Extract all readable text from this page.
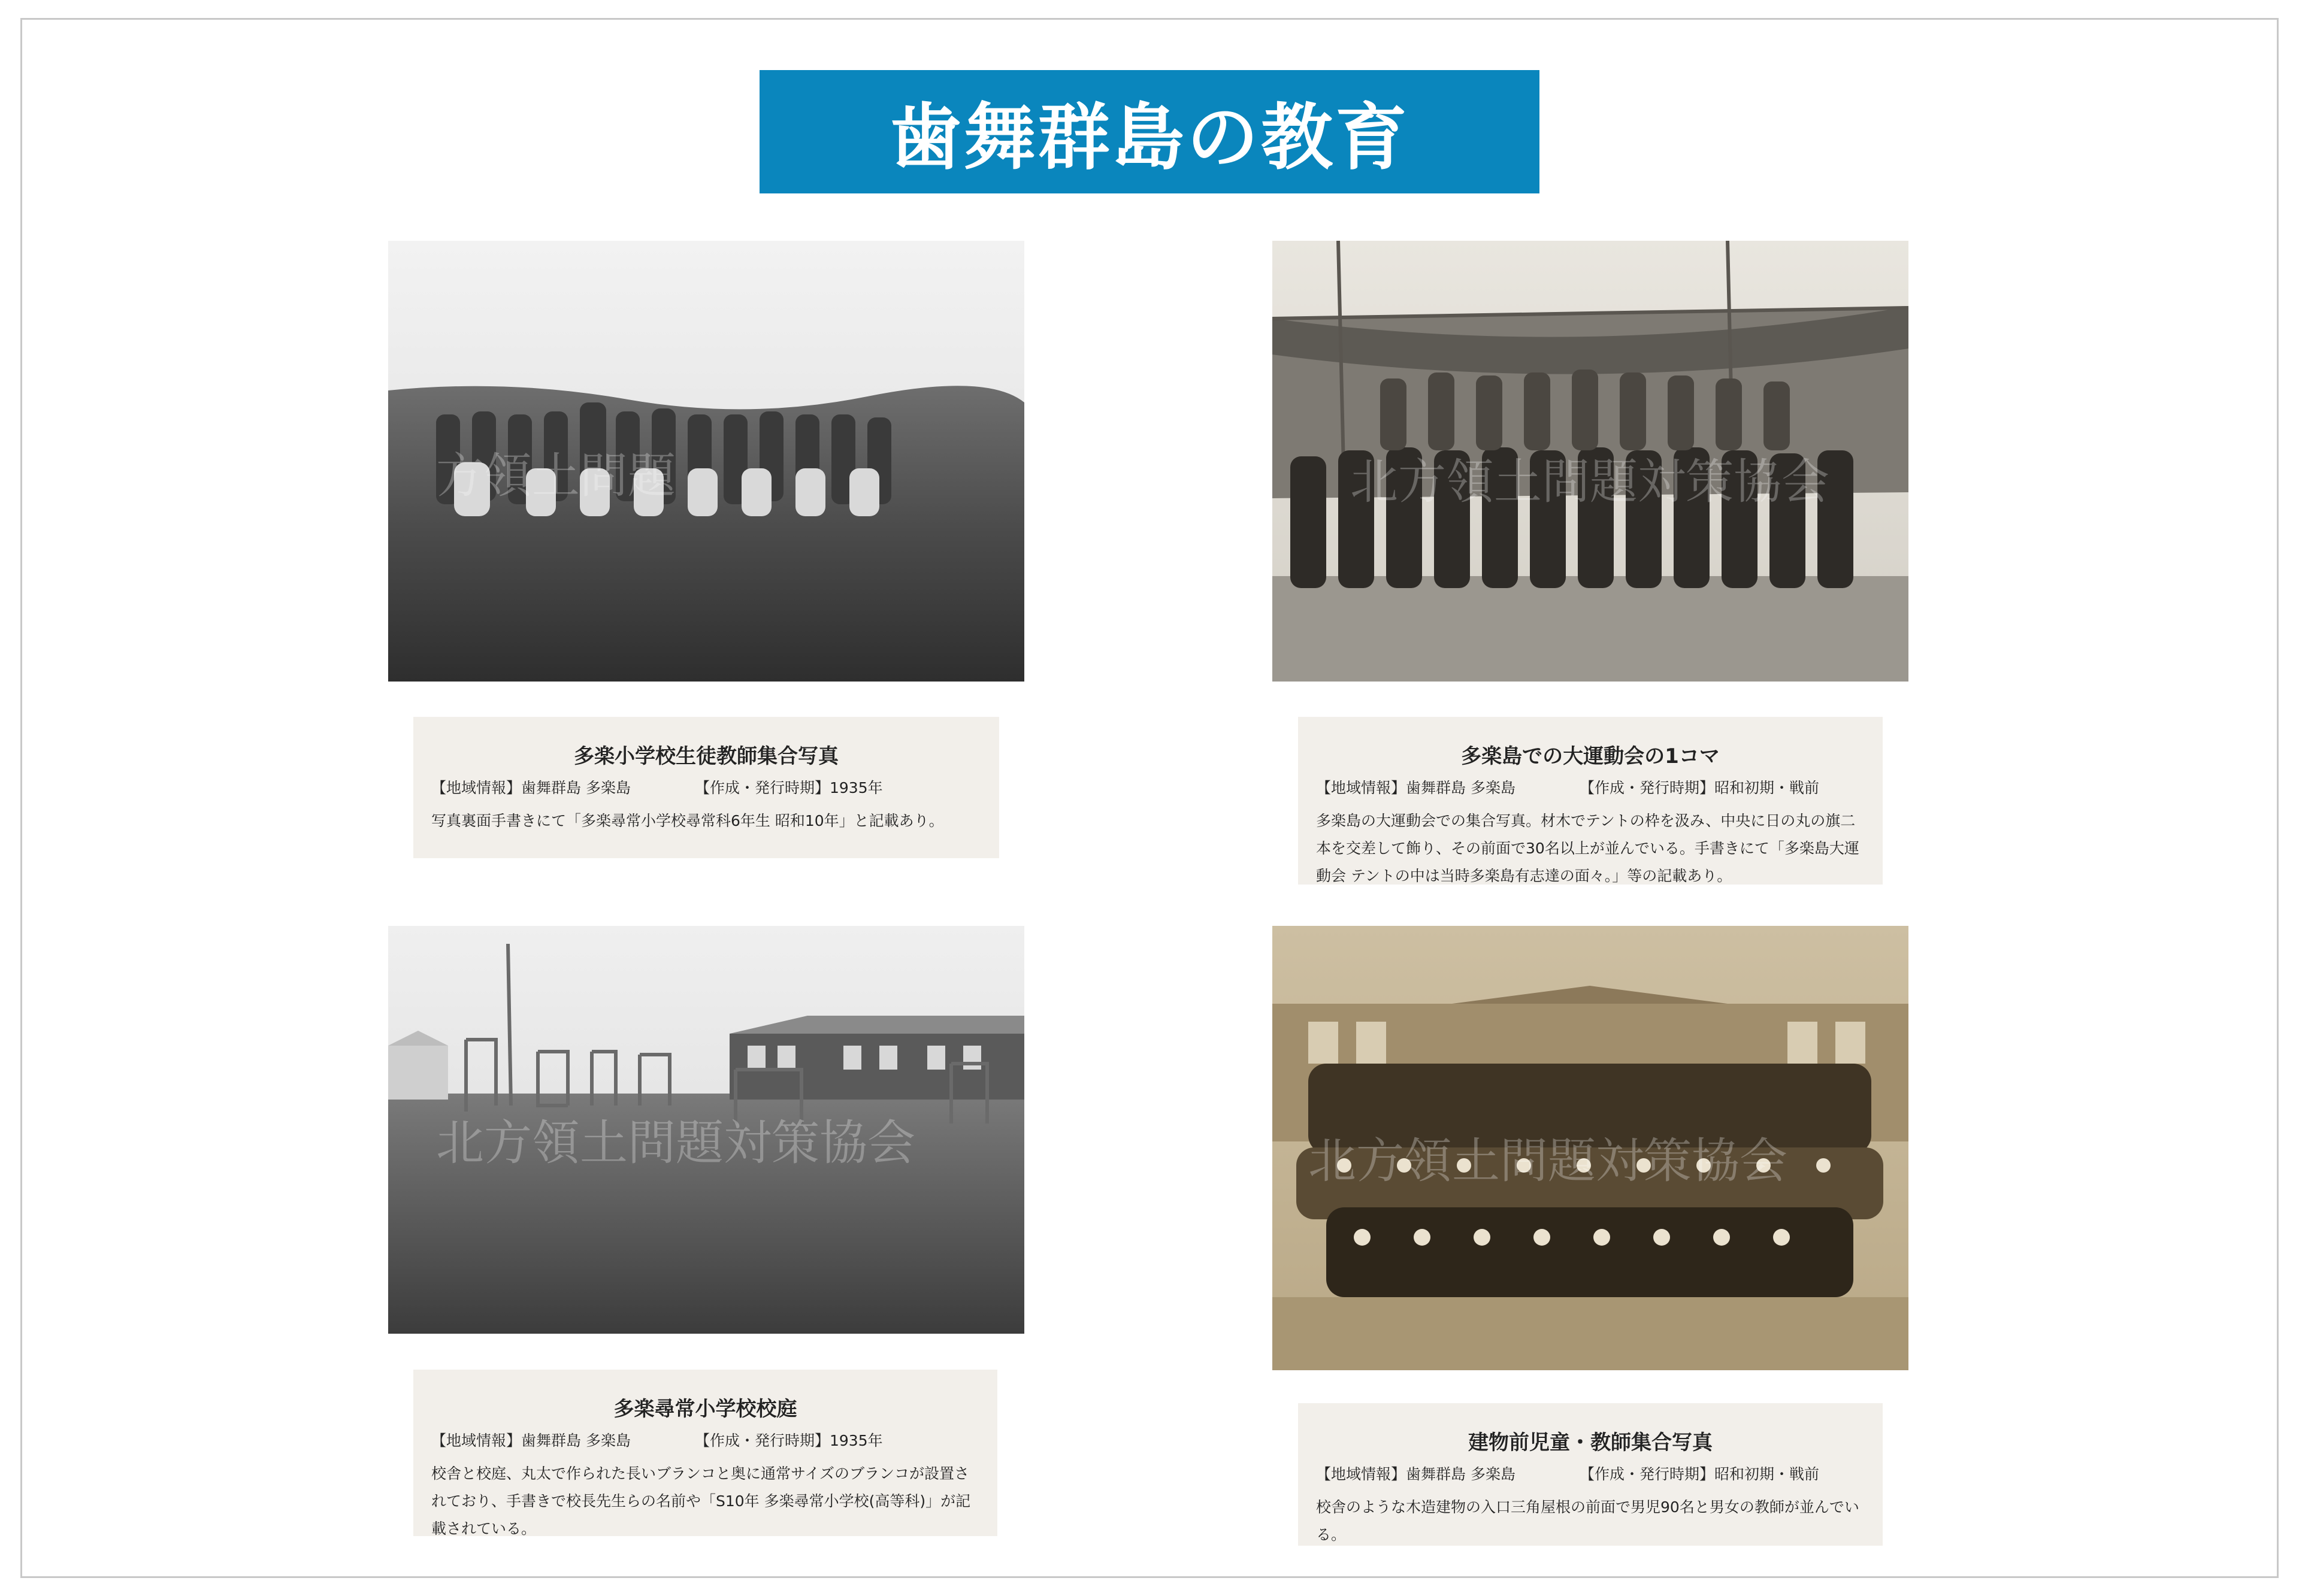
歯舞群島の教育
方領土問題	北方領土問題対策協会
多楽小学校生徒教師集合写真
【地域情報】歯舞群島 多楽島	【作成・発行時期】1935年
写真裏面手書きにて「多楽尋常小学校尋常科6年生 昭和10年」と記載あり。
多楽島での大運動会の1コマ
【地域情報】歯舞群島 多楽島	【作成・発行時期】昭和初期・戦前
多楽島の大運動会での集合写真。材木でテントの枠を汲み、中央に日の丸の旗二本を交差して飾り、その前面で30名以上が並んでいる。手書きにて「多楽島大運動会 テントの中は当時多楽島有志達の面々。」等の記載あり。
北方領土問題対策協会	北方領土問題対策協会
多楽尋常小学校校庭
【地域情報】歯舞群島 多楽島	【作成・発行時期】1935年
校舎と校庭、丸太で作られた長いブランコと奥に通常サイズのブランコが設置されており、手書きで校長先生らの名前や「S10年 多楽尋常小学校(高等科)」が記載されている。
建物前児童・教師集合写真
【地域情報】歯舞群島 多楽島	【作成・発行時期】昭和初期・戦前
校舎のような木造建物の入口三角屋根の前面で男児90名と男女の教師が並んでいる。
